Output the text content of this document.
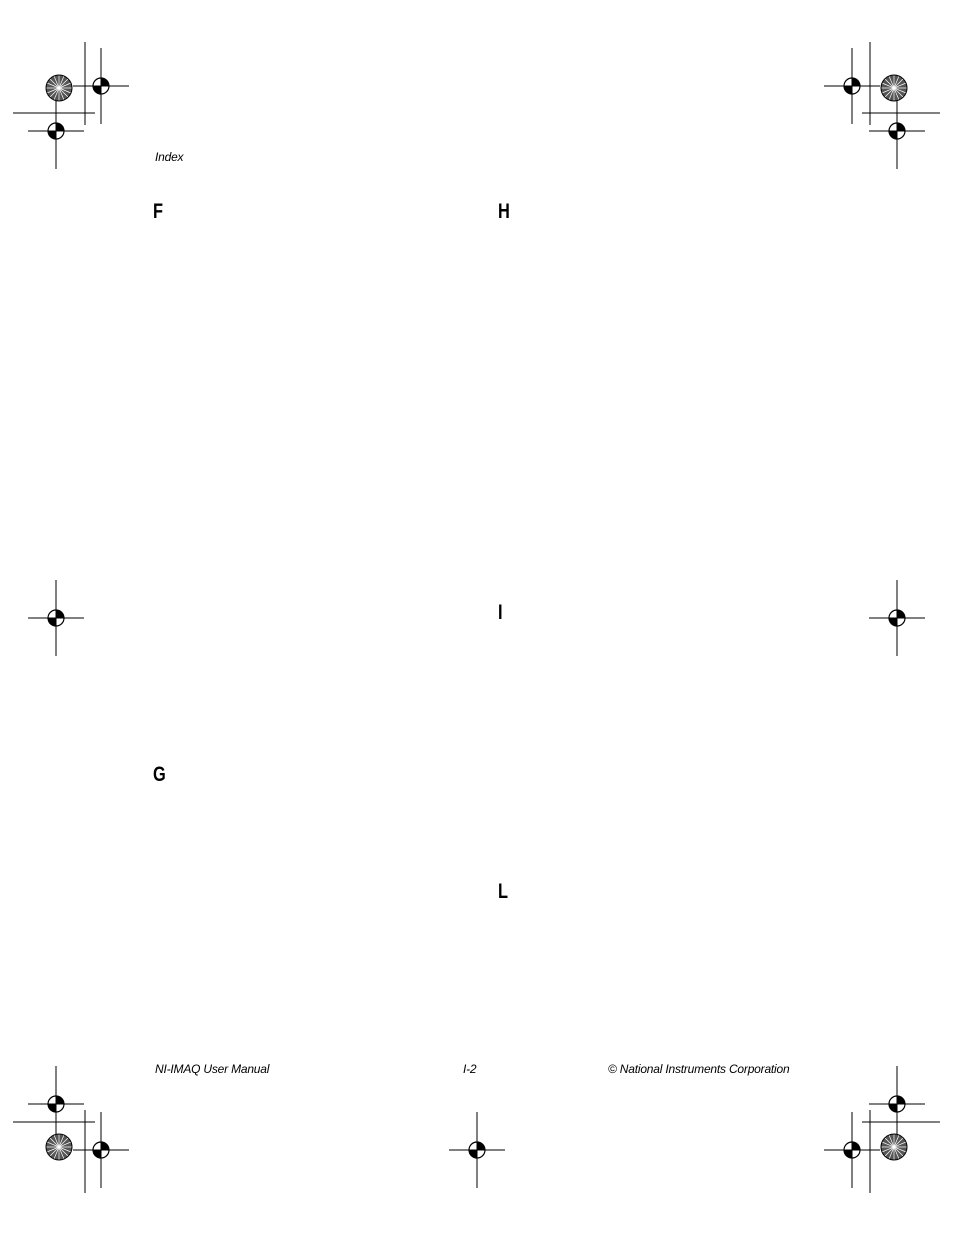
Index
F	H
I
G
L
NI-IMAQ User Manual	I-2	© National Instruments Corporation
